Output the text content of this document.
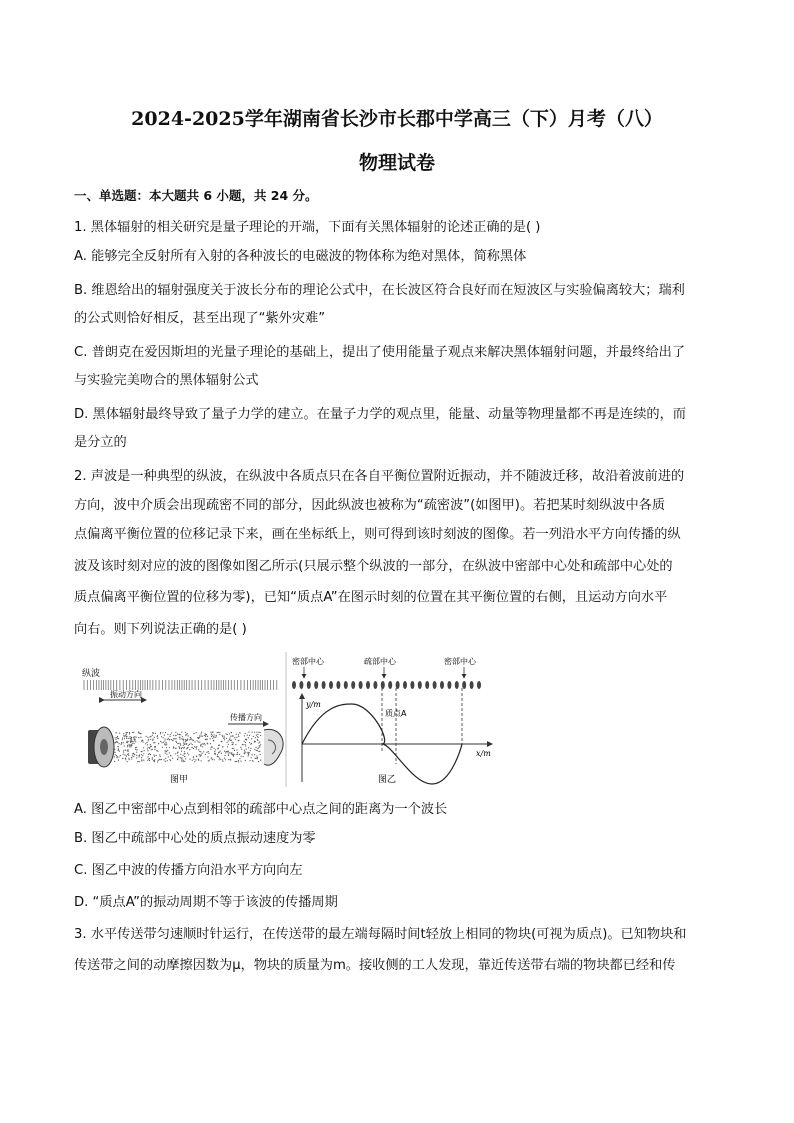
2024-2025学年湖南省长沙市长郡中学高三（下）月考（八）
物理试卷
一、单选题：本大题共 6 小题，共 24 分。
1. 黑体辐射的相关研究是量子理论的开端，下面有关黑体辐射的论述正确的是( )
A. 能够完全反射所有入射的各种波长的电磁波的物体称为绝对黑体，简称黑体
B. 维恩给出的辐射强度关于波长分布的理论公式中，在长波区符合良好而在短波区与实验偏离较大；瑞利
的公式则恰好相反，甚至出现了“紫外灾难”
C. 普朗克在爱因斯坦的光量子理论的基础上，提出了使用能量子观点来解决黑体辐射问题，并最终给出了
与实验完美吻合的黑体辐射公式
D. 黑体辐射最终导致了量子力学的建立。在量子力学的观点里，能量、动量等物理量都不再是连续的，而
是分立的
2. 声波是一种典型的纵波，在纵波中各质点只在各自平衡位置附近振动，并不随波迁移，故沿着波前进的
方向，波中介质会出现疏密不同的部分，因此纵波也被称为“疏密波”(如图甲)。若把某时刻纵波中各质
点偏离平衡位置的位移记录下来，画在坐标纸上，则可得到该时刻波的图像。若一列沿水平方向传播的纵
波及该时刻对应的波的图像如图乙所示(只展示整个纵波的一部分，在纵波中密部中心处和疏部中心处的
质点偏离平衡位置的位移为零)，已知“质点A”在图示时刻的位置在其平衡位置的右侧，且运动方向水平
向右。则下列说法正确的是( )
纵波
振动方向
传播方向
图甲
密部中心	疏部中心	密部中心
y/m
x/m
质点A
图乙
A. 图乙中密部中心点到相邻的疏部中心点之间的距离为一个波长
B. 图乙中疏部中心处的质点振动速度为零
C. 图乙中波的传播方向沿水平方向向左
D. “质点A”的振动周期不等于该波的传播周期
3. 水平传送带匀速顺时针运行，在传送带的最左端每隔时间t轻放上相同的物块(可视为质点)。已知物块和
传送带之间的动摩擦因数为μ，物块的质量为m。接收侧的工人发现，靠近传送带右端的物块都已经和传
